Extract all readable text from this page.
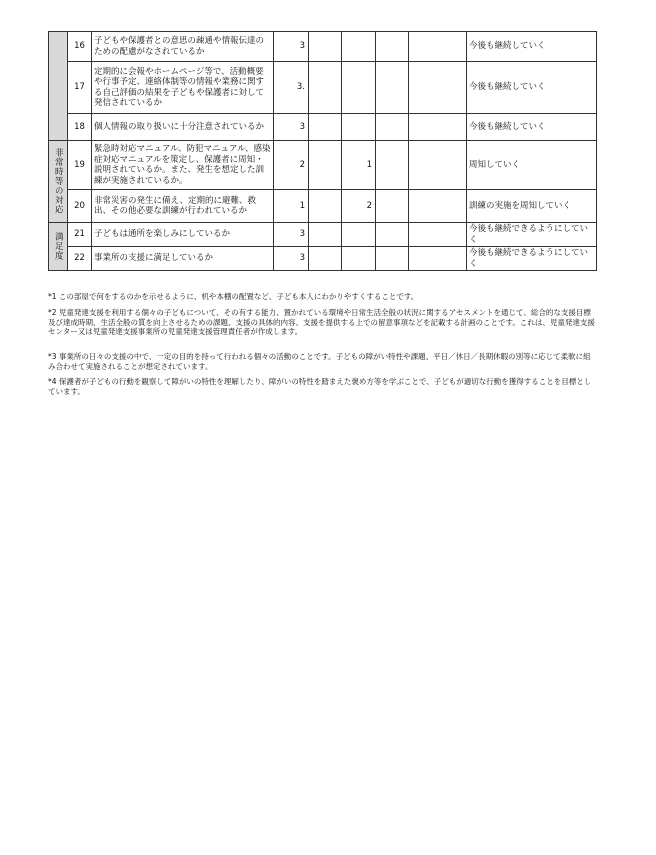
	16	子どもや保護者との意思の疎通や情報伝達のための配慮がなされているか	3					今後も継続していく
	17	定期的に会報やホームページ等で、活動概要や行事予定、連絡体制等の情報や業務に関する自己評価の結果を子どもや保護者に対して発信されているか	3.					今後も継続していく
	18	個人情報の取り扱いに十分注意されているか	3					今後も継続していく
非常時等の対応	19	緊急時対応マニュアル、防犯マニュアル、感染症対応マニュアルを策定し、保護者に周知・説明されているか。また、発生を想定した訓練が実施されているか。	2		1			周知していく
	20	非常災害の発生に備え、定期的に避難、救出、その他必要な訓練が行われているか	1		2			訓練の実施を周知していく
満足度	21	子どもは通所を楽しみにしているか	3					今後も継続できるようにしていく
	22	事業所の支援に満足しているか	3					今後も継続できるようにしていく
*1 この部屋で何をするのかを示せるように、机や本棚の配置など、子ども本人にわかりやすくすることです。
*2 児童発達支援を利用する個々の子どもについて、その有する能力、置かれている環境や日常生活全般の状況に関するアセスメントを通じて、総合的な支援目標及び達成時期、生活全般の質を向上させるための課題、支援の具体的内容、支援を提供する上での留意事項などを記載する計画のことです。これは、児童発達支援センター又は児童発達支援事業所の児童発達支援管理責任者が作成します。
*3 事業所の日々の支援の中で、一定の目的を持って行われる個々の活動のことです。子どもの障がい特性や課題、平日／休日／長期休暇の別等に応じて柔軟に組み合わせて実施されることが想定されています。
*4 保護者が子どもの行動を観察して障がいの特性を理解したり、障がいの特性を踏まえた褒め方等を学ぶことで、子どもが適切な行動を獲得することを目標としています。
